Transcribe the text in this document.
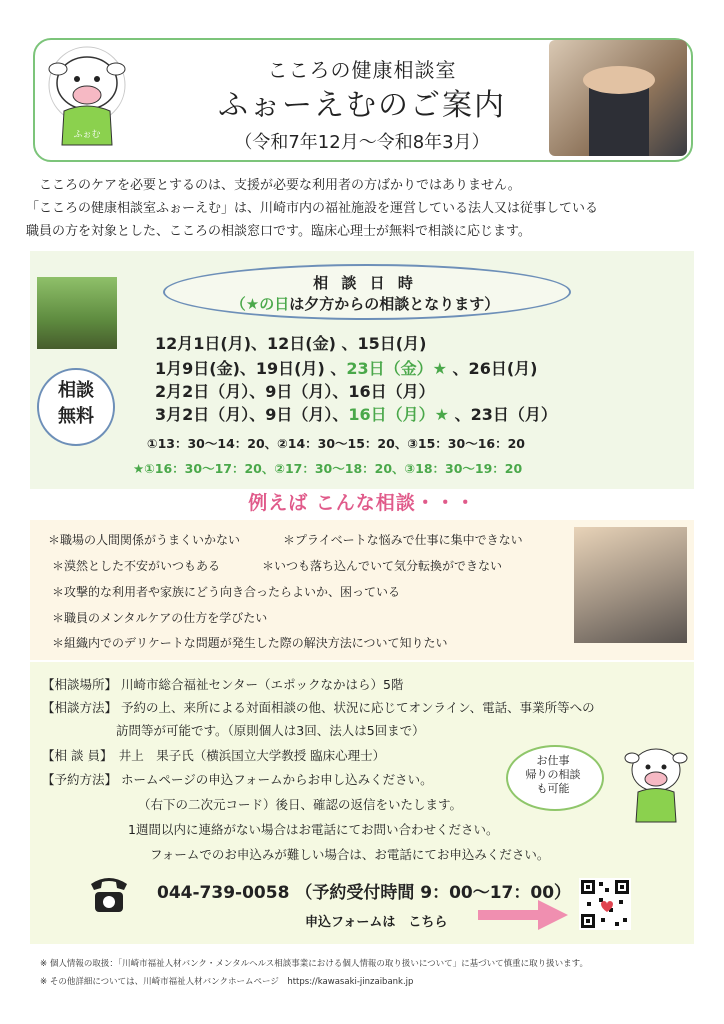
ふぉむ
こころの健康相談室
ふぉーえむのご案内
（令和7年12月～令和8年3月）
こころのケアを必要とするのは、支援が必要な利用者の方ばかりではありません。
「こころの健康相談室ふぉーえむ」は、川崎市内の福祉施設を運営している法人又は従事している
職員の方を対象とした、こころの相談窓口です。臨床心理士が無料で相談に応じます。
相 談 日 時
（★の日は夕方からの相談となります）
相談
無料
12月1日(月)、12日(金) 、15日(月)
1月9日(金)、19日(月) 、23日（金）★ 、26日(月)
2月2日（月）、9日（月）、16日（月）
3月2日（月）、9日（月）、16日（月）★ 、23日（月）
①13：30～14：20、②14：30～15：20、③15：30～16：20
★①16：30～17：20、②17：30～18：20、③18：30～19：20
例えば こんな相談・・・
＊職場の人間関係がうまくいかない	＊プライベートな悩みで仕事に集中できない
＊漠然とした不安がいつもある	＊いつも落ち込んでいて気分転換ができない
＊攻撃的な利用者や家族にどう向き合ったらよいか、困っている
＊職員のメンタルケアの仕方を学びたい
＊組織内でのデリケートな問題が発生した際の解決方法について知りたい
【相談場所】 川崎市総合福祉センター（エポックなかはら）5階
【相談方法】 予約の上、来所による対面相談の他、状況に応じてオンライン、電話、事業所等への
訪問等が可能です。（原則個人は3回、法人は5回まで）
【相 談 員】　井上　果子氏（横浜国立大学教授 臨床心理士）
【予約方法】 ホームページの申込フォームからお申し込みください。
（右下の二次元コード）後日、確認の返信をいたします。
1週間以内に連絡がない場合はお電話にてお問い合わせください。
フォームでのお申込みが難しい場合は、お電話にてお申込みください。
お仕事
帰りの相談
も可能
044-739-0058 （予約受付時間 9：00～17：00）
申込フォームは　こちら
※ 個人情報の取扱：「川崎市福祉人材バンク・メンタルヘルス相談事業における個人情報の取り扱いについて」に基づいて慎重に取り扱います。
※ その他詳細については、川崎市福祉人材バンクホームページ　https://kawasaki-jinzaibank.jp
